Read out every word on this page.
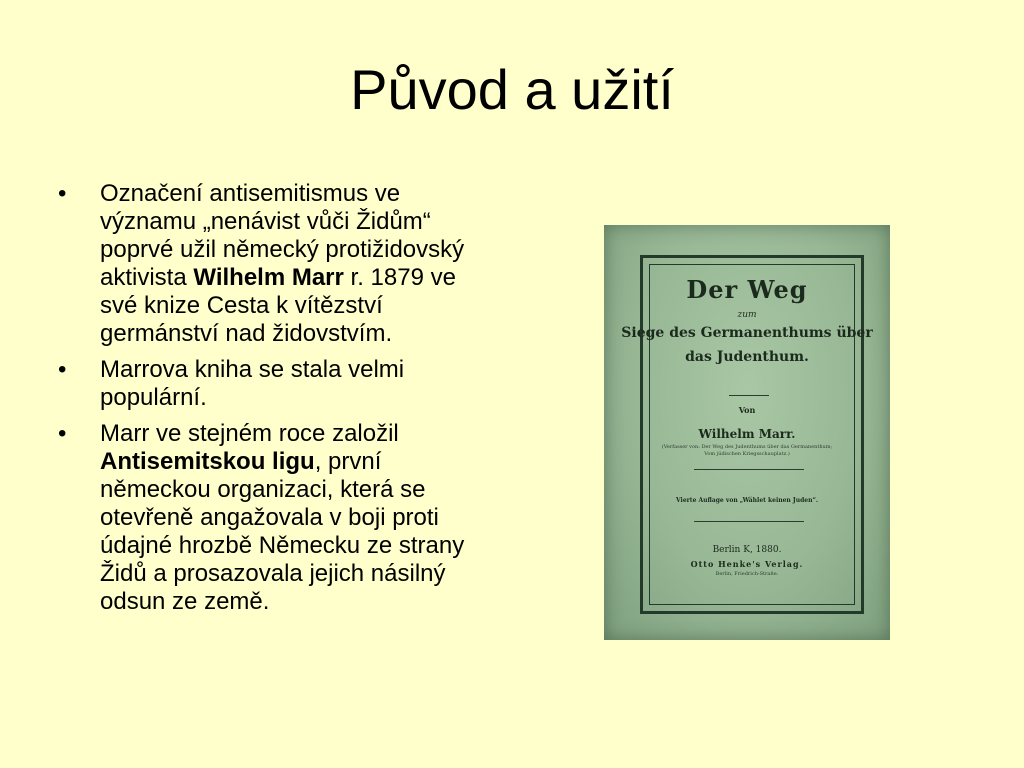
Původ a užití
•	Označení antisemitismus ve významu „nenávist vůči Židům“ poprvé užil německý protižidovský aktivista Wilhelm Marr r. 1879 ve své knize Cesta k vítězství germánství nad židovstvím.
•	Marrova kniha se stala velmi populární.
•	Marr ve stejném roce založil Antisemitskou ligu, první německou organizaci, která se otevřeně angažovala v boji proti údajné hrozbě Německu ze strany Židů a prosazovala jejich násilný odsun ze země.
Der Weg
zum
Siege des Germanenthums über
das Judenthum.
Von
Wilhelm Marr.
(Verfasser von: Der Weg des Judenthums über das Germanenthum;
Vom jüdischen Kriegsschauplatz.)
Vierte Auflage von „Wählet keinen Juden“.
Berlin K, 1880.
Otto Henke's Verlag.
Berlin, Friedrich-Straße.
